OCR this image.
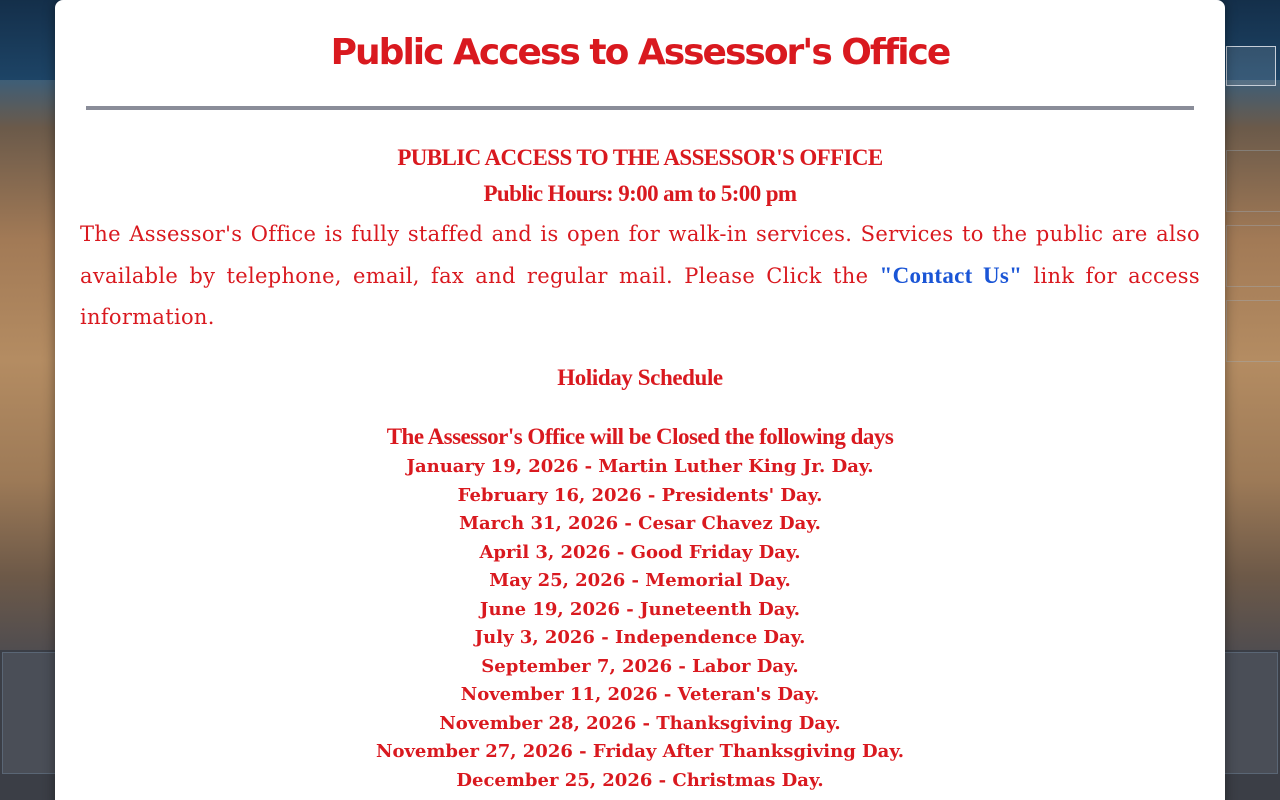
Public Access to Assessor's Office
PUBLIC ACCESS TO THE ASSESSOR'S OFFICE
Public Hours: 9:00 am to 5:00 pm
The Assessor's Office is fully staffed and is open for walk-in services. Services to the public are also available by telephone, email, fax and regular mail. Please Click the "Contact Us" link for access information.
Holiday Schedule
The Assessor's Office will be Closed the following days
January 19, 2026 - Martin Luther King Jr. Day.
February 16, 2026 - Presidents' Day.
March 31, 2026 - Cesar Chavez Day.
April 3, 2026 - Good Friday Day.
May 25, 2026 - Memorial Day.
June 19, 2026 - Juneteenth Day.
July 3, 2026 - Independence Day.
September 7, 2026 - Labor Day.
November 11, 2026 - Veteran's Day.
November 28, 2026 - Thanksgiving Day.
November 27, 2026 - Friday After Thanksgiving Day.
December 25, 2026 - Christmas Day.
